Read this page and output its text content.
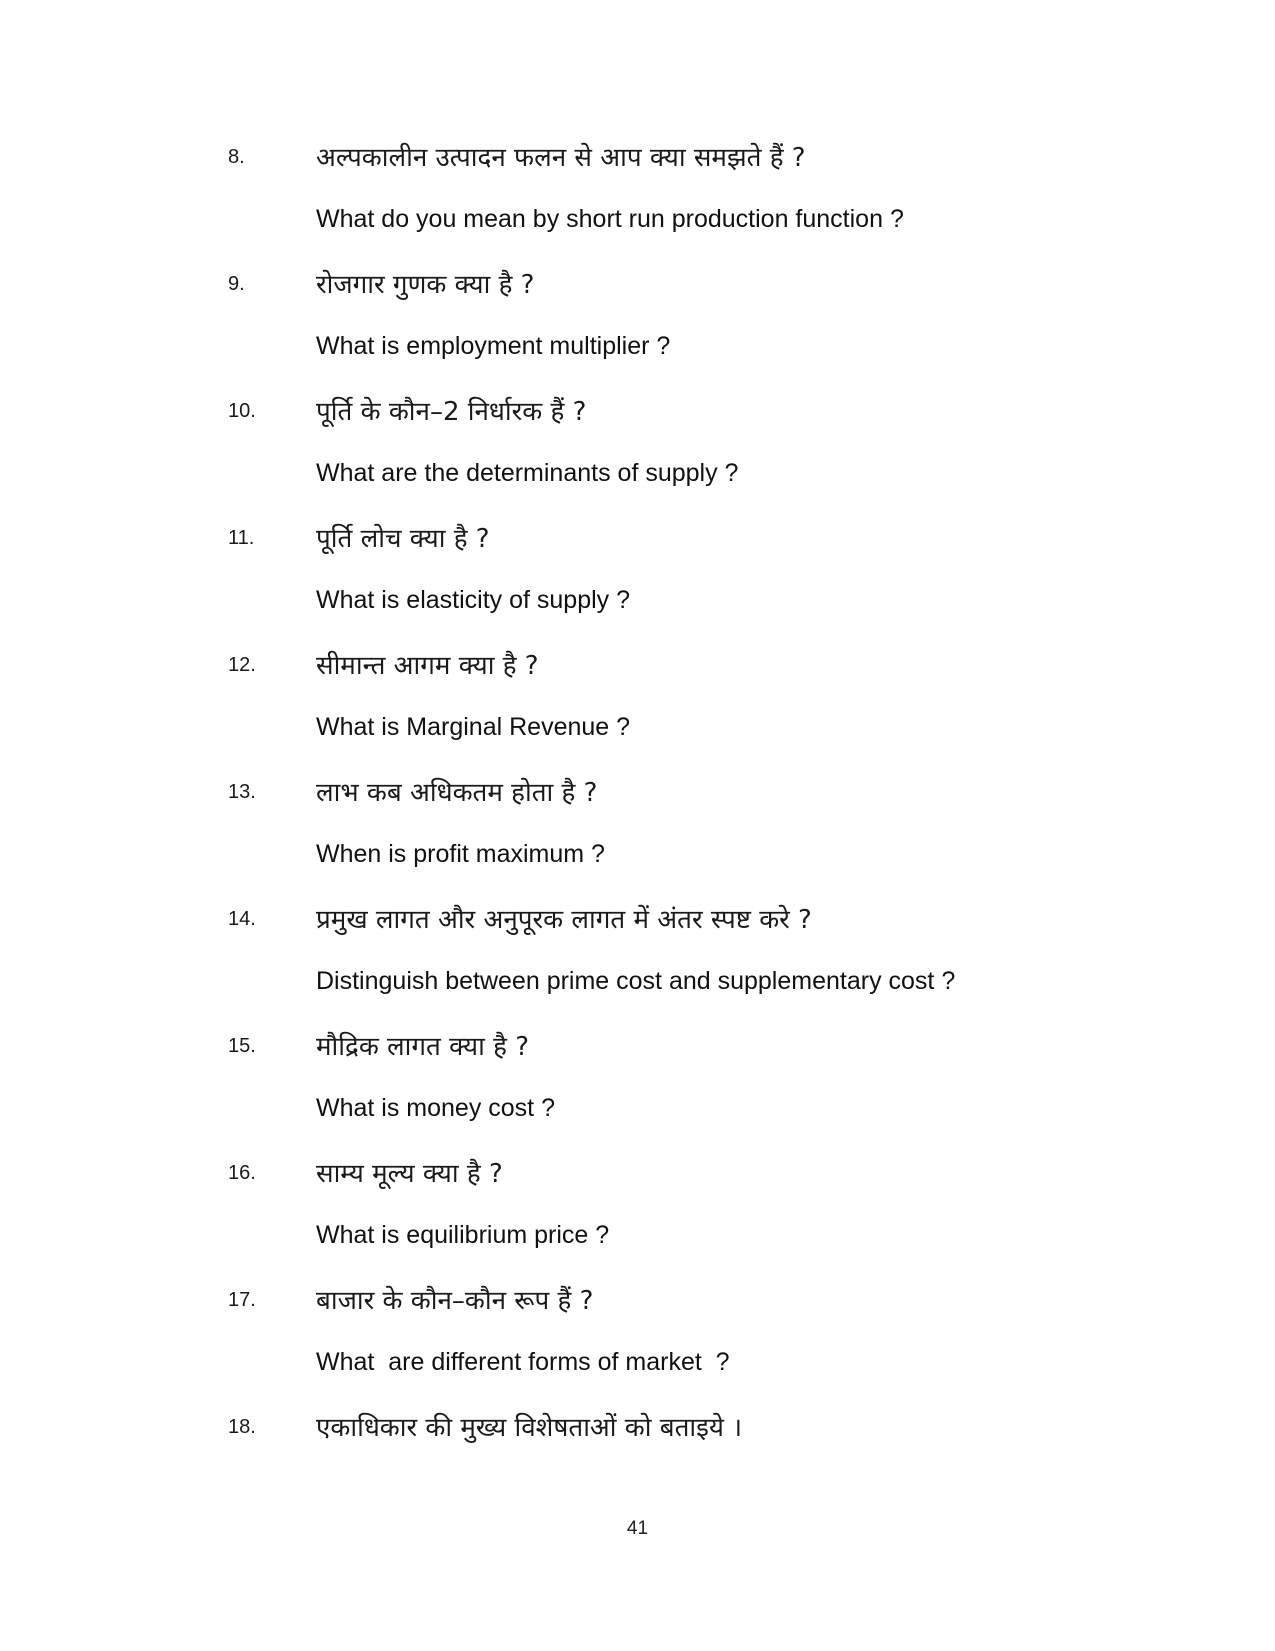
8.	अल्पकालीन उत्पादन फलन से आप क्या समझते हैं ?
What do you mean by short run production function ?
9.	रोजगार गुणक क्या है ?
What is employment multiplier ?
10. पूर्ति के कौन–2 निर्धारक हैं ?
What are the determinants of supply ?
11. पूर्ति लोच क्या है ?
What is elasticity of supply ?
12. सीमान्त आगम क्या है ?
What is Marginal Revenue ?
13. लाभ कब अधिकतम होता है ?
When is profit maximum ?
14. प्रमुख लागत और अनुपूरक लागत में अंतर स्पष्ट करे ?
Distinguish between prime cost and supplementary cost ?
15. मौद्रिक लागत क्या है ?
What is money cost ?
16. साम्य मूल्य क्या है ?
What is equilibrium price ?
17. बाजार के कौन–कौन रूप हैं ?
What  are different forms of market  ?
18. एकाधिकार की मुख्य विशेषताओं को बताइये ।
41
